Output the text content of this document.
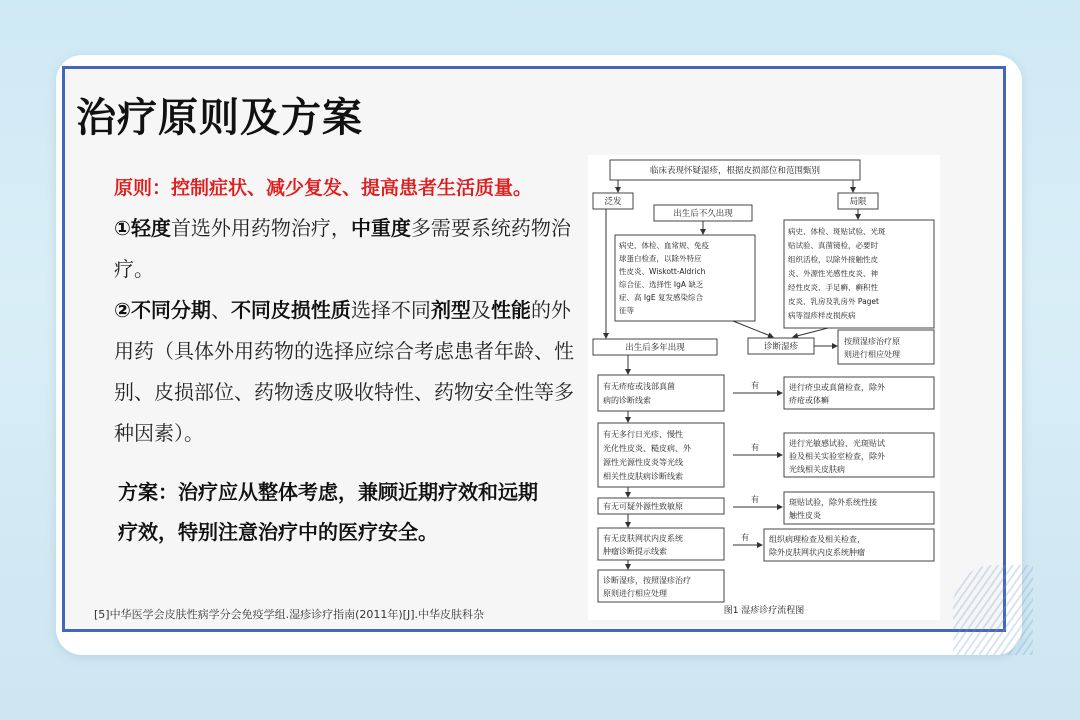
治疗原则及方案
原则：控制症状、减少复发、提高患者生活质量。
①轻度首选外用药物治疗，中重度多需要系统药物治疗。
②不同分期、不同皮损性质选择不同剂型及性能的外用药（具体外用药物的选择应综合考虑患者年龄、性别、皮损部位、药物透皮吸收特性、药物安全性等多种因素）。
方案：治疗应从整体考虑，兼顾近期疗效和远期疗效，特别注意治疗中的医疗安全。
[5]中华医学会皮肤性病学分会免疫学组.湿疹诊疗指南(2011年)[J].中华皮肤科杂
临床表现怀疑湿疹，根据皮损部位和范围甄别
泛发	局限
出生后不久出现
病史、体检、血常规、免疫 球蛋白检查，以除外特应 性皮炎、Wiskott-Aldrich 综合征、选择性 IgA 缺乏 症、高 IgE 复发感染综合 征等
病史、体检、斑贴试验、光斑 贴试验、真菌镜检，必要时 组织活检，以除外接触性皮 炎、外源性光感性皮炎、神 经性皮炎、手足癣、癣积性 皮炎、乳房及乳房外 Paget 病等湿疹样皮损疾病
出生后多年出现	诊断湿疹
按照湿疹治疗原 则进行相应处理
有无疥疮或浅部真菌 病的诊断线索
进行疥虫或真菌检查，除外 疥疮或体癣
有无多行日光疹、慢性 光化性皮炎、糙皮病、外 源性光源性皮炎等光线 相关性皮肤病诊断线索
进行光敏感试验、光斑贴试 验及相关实验室检查，除外 光线相关皮肤病
有无可疑外源性致敏原	斑贴试验，除外系统性接 触性皮炎
有无皮肤网状内皮系统 肿瘤诊断提示线索
组织病理检查及相关检查， 除外皮肤网状内皮系统肿瘤
诊断湿疹，按照湿疹治疗 原则进行相应处理
有
有
有
有
图1 湿疹诊疗流程图
